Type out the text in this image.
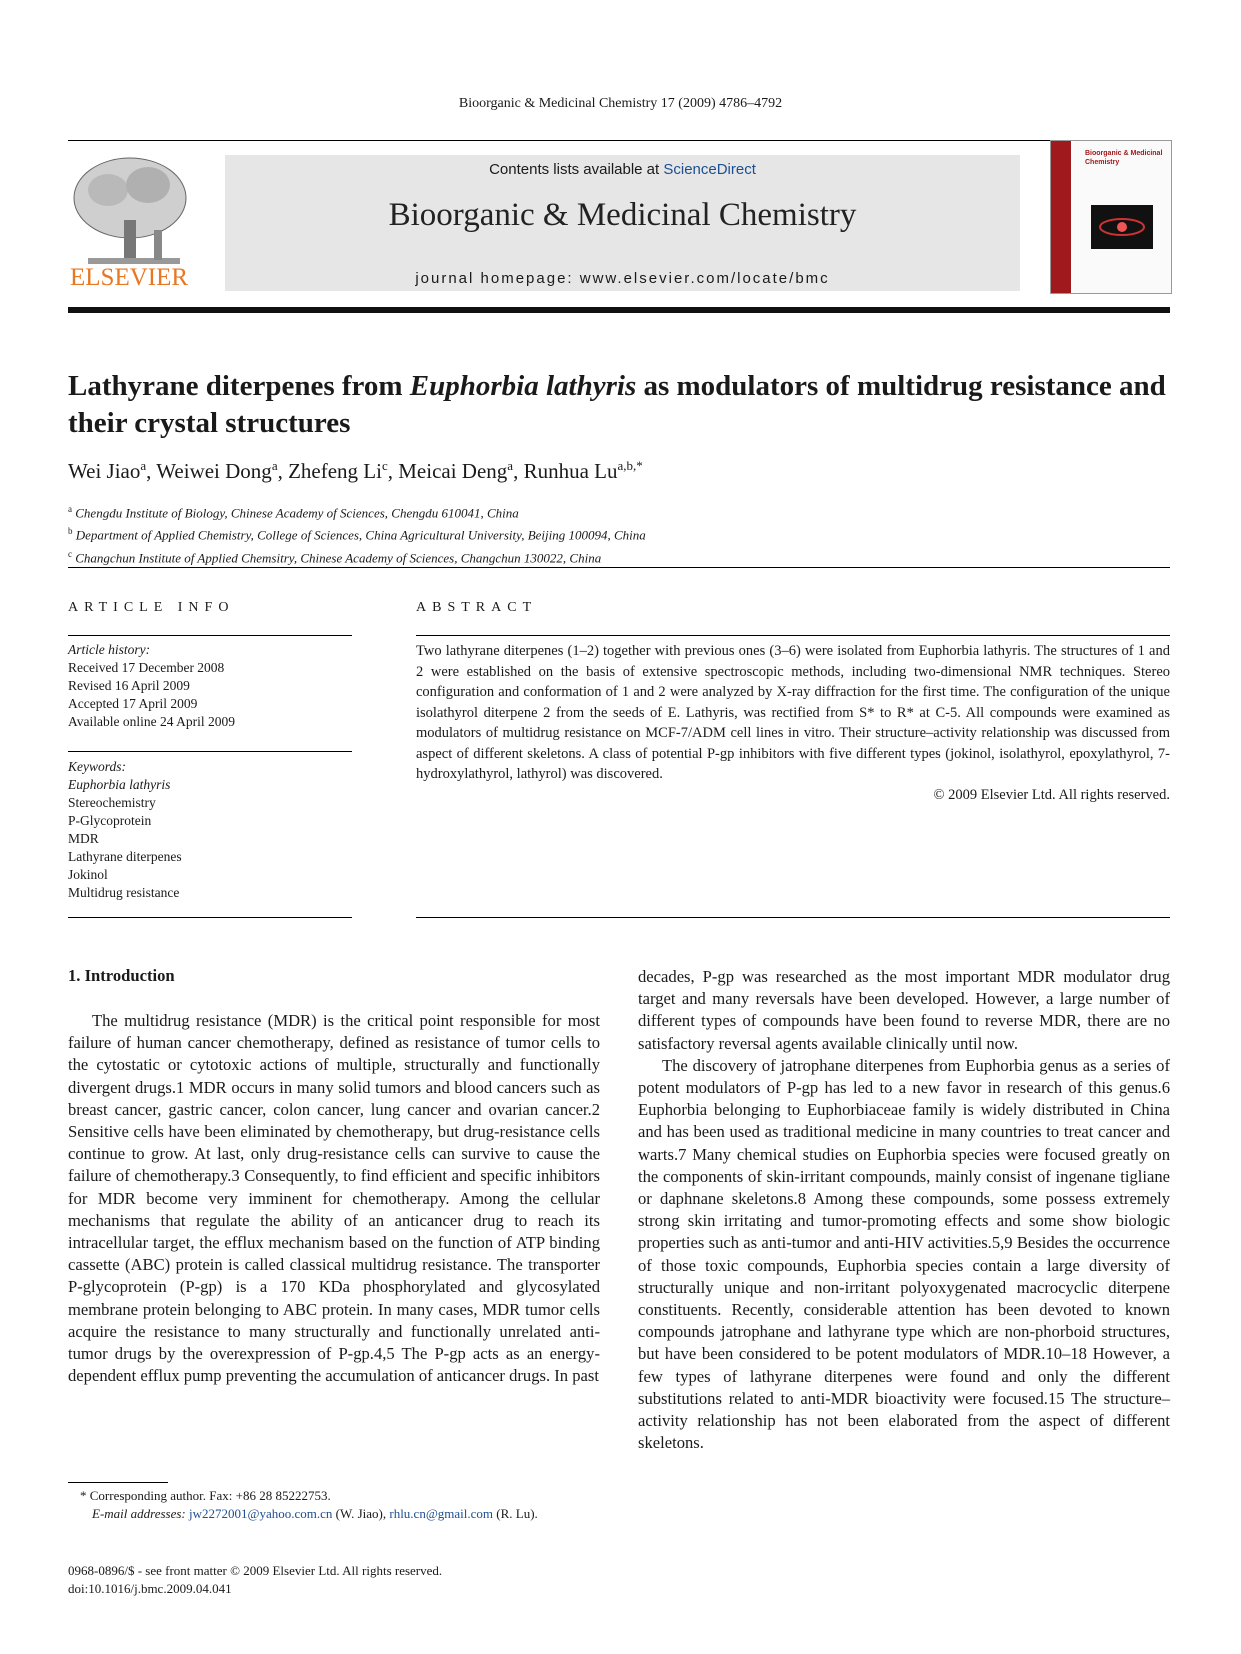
Bioorganic & Medicinal Chemistry 17 (2009) 4786–4792
ELSEVIER
Contents lists available at ScienceDirect
Bioorganic & Medicinal Chemistry
journal homepage: www.elsevier.com/locate/bmc
Bioorganic & Medicinal Chemistry
Lathyrane diterpenes from Euphorbia lathyris as modulators of multidrug resistance and their crystal structures
Wei Jiao$^a$, Weiwei Dong$^a$, Zhefeng Li$^c$, Meicai Deng$^a$, Runhua $Lu^{a,b,*}$
$^a$ Chengdu Institute of Biology, Chinese Academy of Sciences, Chengdu 610041, China
$^b$ Department of Applied Chemistry, College of Sciences, China Agricultural University, Beijing 100094, China
$^c$ Changchun Institute of Applied Chemsitry, Chinese Academy of Sciences, Changchun 130022, China
ARTICLE INFO	ABSTRACT
Article history:
Received 17 December 2008
Revised 16 April 2009
Accepted 17 April 2009
Available online 24 April 2009
Keywords:
Euphorbia lathyris
Stereochemistry
P-Glycoprotein
MDR
Lathyrane diterpenes
Jokinol
Multidrug resistance
Two lathyrane diterpenes (1–2) together with previous ones (3–6) were isolated from Euphorbia lathyris. The structures of 1 and 2 were established on the basis of extensive spectroscopic methods, including two-dimensional NMR techniques. Stereo configuration and conformation of 1 and 2 were analyzed by X-ray diffraction for the first time. The configuration of the unique isolathyrol diterpene 2 from the seeds of E. Lathyris, was rectified from S* to R* at C-5. All compounds were examined as modulators of multidrug resistance on MCF-7/ADM cell lines in vitro. Their structure–activity relationship was discussed from aspect of different skeletons. A class of potential P-gp inhibitors with five different types (jokinol, isolathyrol, epoxylathyrol, 7-hydroxylathyrol, lathyrol) was discovered.
© 2009 Elsevier Ltd. All rights reserved.
1. Introduction

The multidrug resistance (MDR) is the critical point responsible for most failure of human cancer chemotherapy, defined as resistance of tumor cells to the cytostatic or cytotoxic actions of multiple, structurally and functionally divergent drugs.1 MDR occurs in many solid tumors and blood cancers such as breast cancer, gastric cancer, colon cancer, lung cancer and ovarian cancer.2 Sensitive cells have been eliminated by chemotherapy, but drug-resistance cells continue to grow. At last, only drug-resistance cells can survive to cause the failure of chemotherapy.3 Consequently, to find efficient and specific inhibitors for MDR become very imminent for chemotherapy. Among the cellular mechanisms that regulate the ability of an anticancer drug to reach its intracellular target, the efflux mechanism based on the function of ATP binding cassette (ABC) protein is called classical multidrug resistance. The transporter P-glycoprotein (P-gp) is a 170 KDa phosphorylated and glycosylated membrane protein belonging to ABC protein. In many cases, MDR tumor cells acquire the resistance to many structurally and functionally unrelated anti-tumor drugs by the overexpression of P-gp.4,5 The P-gp acts as an energy-dependent efflux pump preventing the accumulation of anticancer drugs. In past

decades, P-gp was researched as the most important MDR modulator drug target and many reversals have been developed. However, a large number of different types of compounds have been found to reverse MDR, there are no satisfactory reversal agents available clinically until now.

The discovery of jatrophane diterpenes from Euphorbia genus as a series of potent modulators of P-gp has led to a new favor in research of this genus.6 Euphorbia belonging to Euphorbiaceae family is widely distributed in China and has been used as traditional medicine in many countries to treat cancer and warts.7 Many chemical studies on Euphorbia species were focused greatly on the components of skin-irritant compounds, mainly consist of ingenane tigliane or daphnane skeletons.8 Among these compounds, some possess extremely strong skin irritating and tumor-promoting effects and some show biologic properties such as anti-tumor and anti-HIV activities.5,9 Besides the occurrence of those toxic compounds, Euphorbia species contain a large diversity of structurally unique and non-irritant polyoxygenated macrocyclic diterpene constituents. Recently, considerable attention has been devoted to known compounds jatrophane and lathyrane type which are non-phorboid structures, but have been considered to be potent modulators of MDR.10–18 However, a few types of lathyrane diterpenes were found and only the different substitutions related to anti-MDR bioactivity were focused.15 The structure–activity relationship has not been elaborated from the aspect of different skeletons.

* Corresponding author. Fax: +86 28 85222753.
E-mail addresses: jw2272001@yahoo.com.cn (W. Jiao), rhlu.cn@gmail.com (R. Lu).
0968-0896/$ - see front matter © 2009 Elsevier Ltd. All rights reserved.
doi:10.1016/j.bmc.2009.04.041
